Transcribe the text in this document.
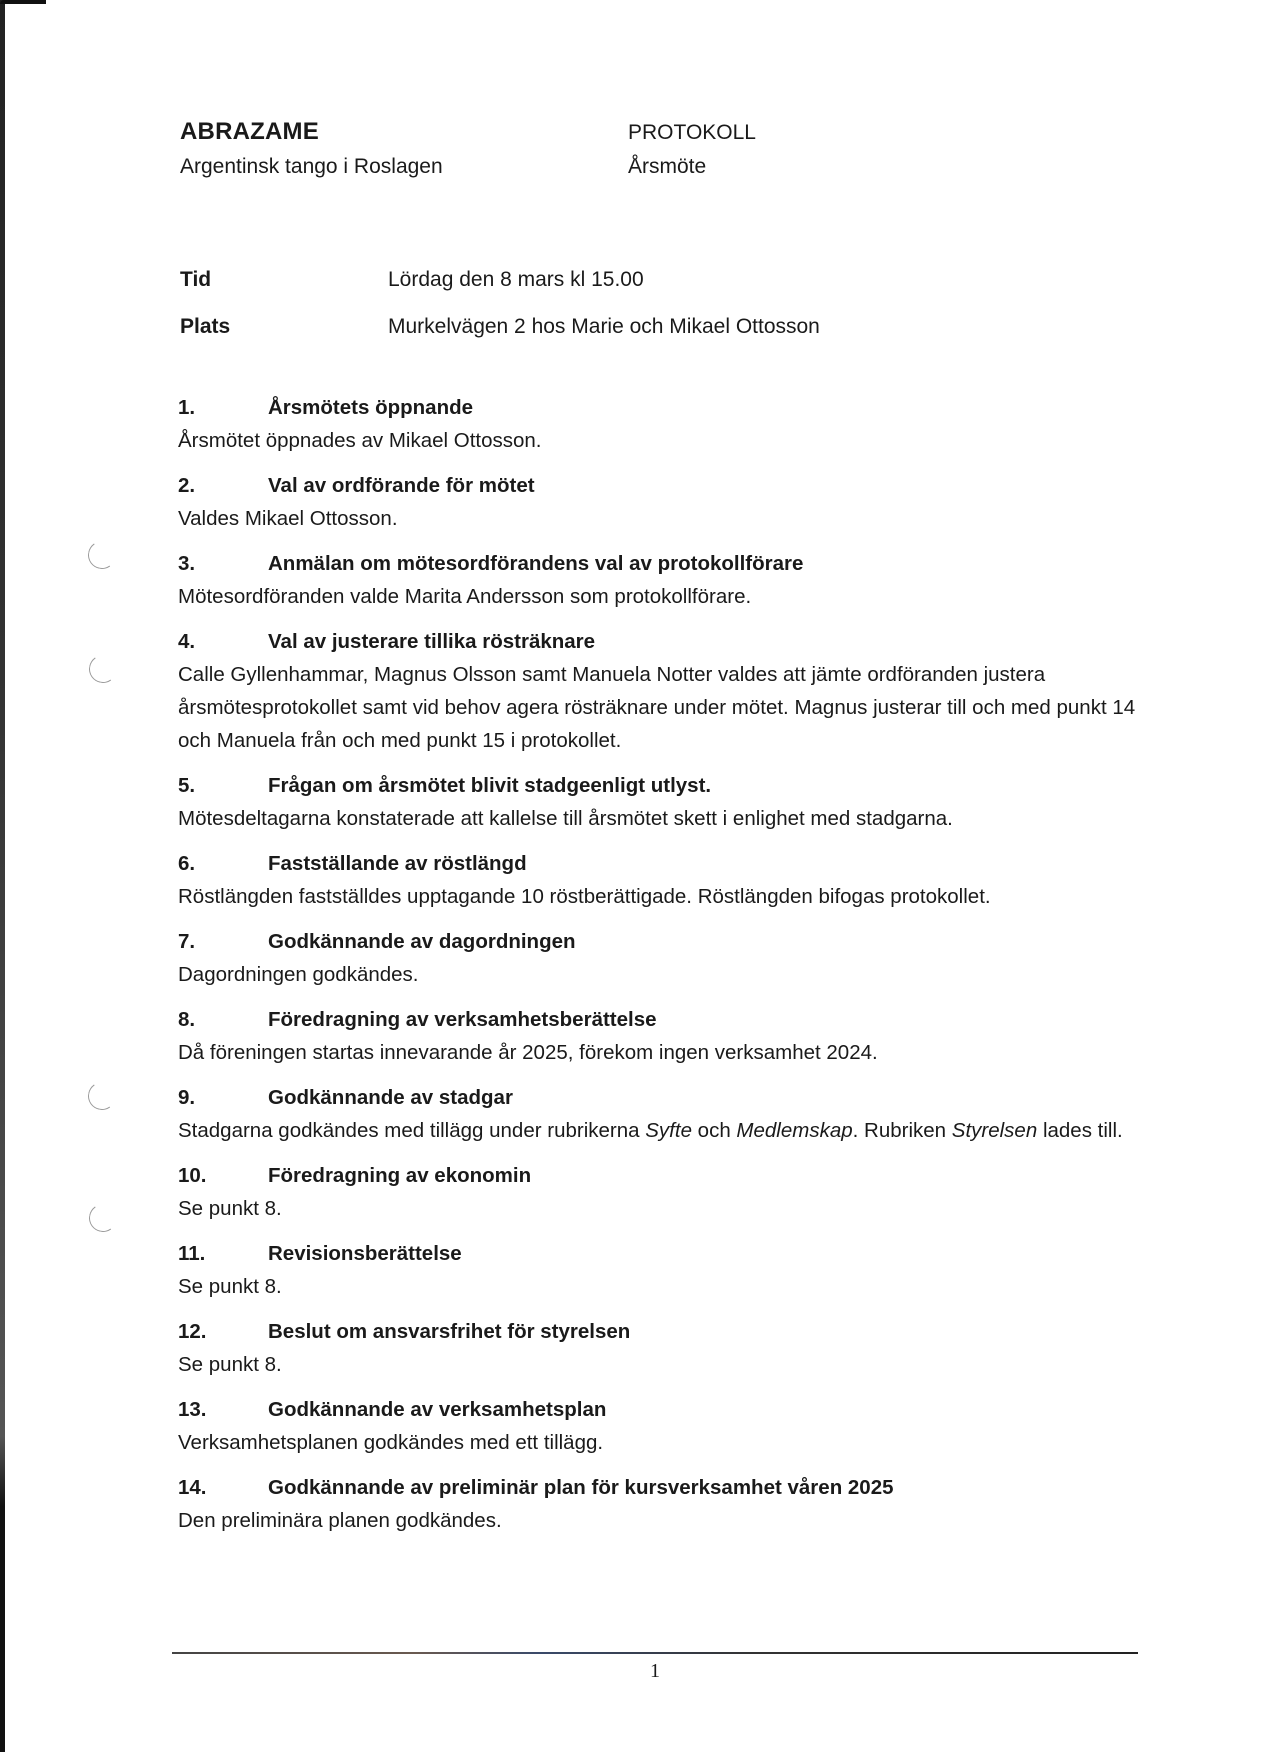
ABRAZAME
Argentinsk tango i Roslagen
PROTOKOLL
Årsmöte
Tid	Lördag den 8 mars kl 15.00
Plats	Murkelvägen 2 hos Marie och Mikael Ottosson
1.	Årsmötets öppnande
Årsmötet öppnades av Mikael Ottosson.
2.	Val av ordförande för mötet
Valdes Mikael Ottosson.
3.	Anmälan om mötesordförandens val av protokollförare
Mötesordföranden valde Marita Andersson som protokollförare.
4.	Val av justerare tillika rösträknare
Calle Gyllenhammar, Magnus Olsson samt Manuela Notter valdes att jämte ordföranden justera årsmötesprotokollet samt vid behov agera rösträknare under mötet. Magnus justerar till och med punkt 14 och Manuela från och med punkt 15 i protokollet.
5.	Frågan om årsmötet blivit stadgeenligt utlyst.
Mötesdeltagarna konstaterade att kallelse till årsmötet skett i enlighet med stadgarna.
6.	Fastställande av röstlängd
Röstlängden fastställdes upptagande 10 röstberättigade. Röstlängden bifogas protokollet.
7.	Godkännande av dagordningen
Dagordningen godkändes.
8.	Föredragning av verksamhetsberättelse
Då föreningen startas innevarande år 2025, förekom ingen verksamhet 2024.
9.	Godkännande av stadgar
Stadgarna godkändes med tillägg under rubrikerna Syfte och Medlemskap. Rubriken Styrelsen lades till.
10.	Föredragning av ekonomin
Se punkt 8.
11.	Revisionsberättelse
Se punkt 8.
12.	Beslut om ansvarsfrihet för styrelsen
Se punkt 8.
13.	Godkännande av verksamhetsplan
Verksamhetsplanen godkändes med ett tillägg.
14.	Godkännande av preliminär plan för kursverksamhet våren 2025
Den preliminära planen godkändes.
1
